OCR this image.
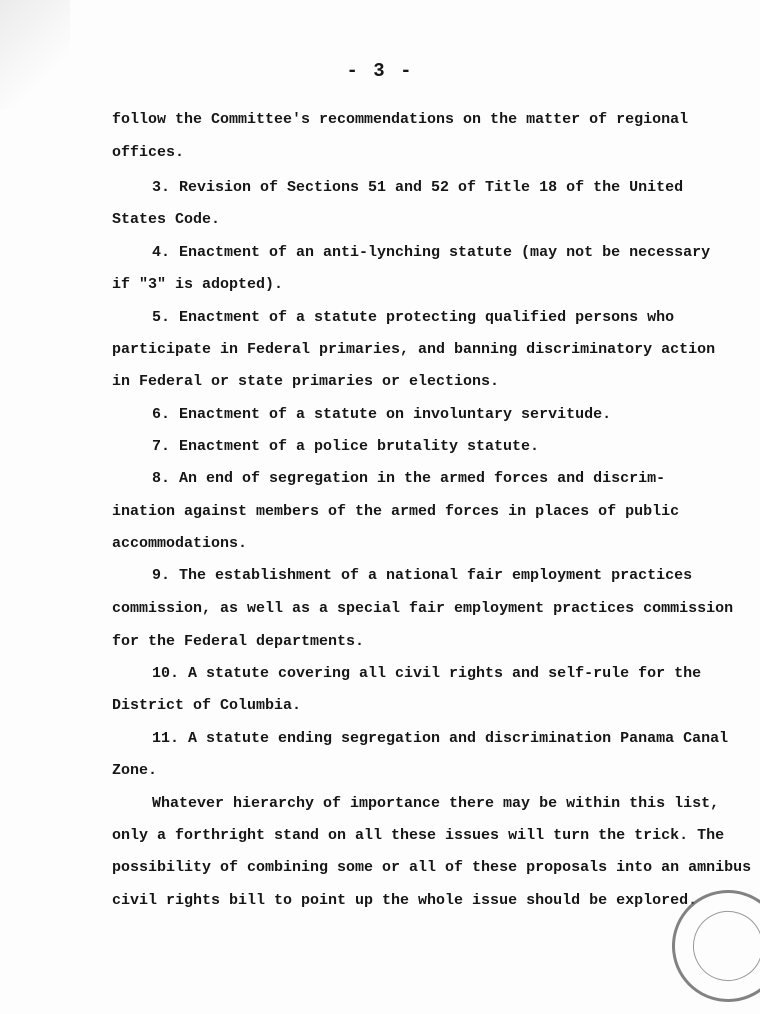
- 3 -
follow the Committee's recommendations on the matter of regional
offices.
3. Revision of Sections 51 and 52 of Title 18 of the United
States Code.
4. Enactment of an anti-lynching statute (may not be necessary
if "3" is adopted).
5. Enactment of a statute protecting qualified persons who
participate in Federal primaries, and banning discriminatory action
in Federal or state primaries or elections.
6. Enactment of a statute on involuntary servitude.
7. Enactment of a police brutality statute.
8. An end of segregation in the armed forces and discrim-
ination against members of the armed forces in places of public
accommodations.
9. The establishment of a national fair employment practices
commission, as well as a special fair employment practices commission
for the Federal departments.
10. A statute covering all civil rights and self-rule for the
District of Columbia.
11. A statute ending segregation and discrimination Panama Canal
Zone.
Whatever hierarchy of importance there may be within this list,
only a forthright stand on all these issues will turn the trick. The
possibility of combining some or all of these proposals into an amnibus
civil rights bill to point up the whole issue should be explored.
